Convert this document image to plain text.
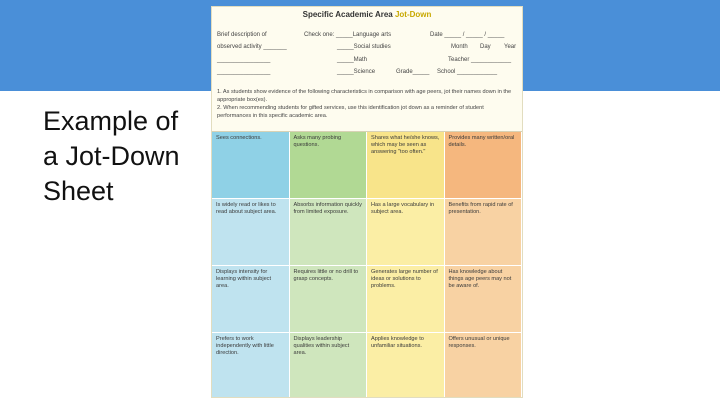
Example of
a Jot-Down
Sheet
Specific Academic Area Jot-Down
Brief description of
observed activity _______
________________
________________
Check one: _____Language arts
_____Social studies
_____Math
_____Science	Grade_____
Date _____ / _____ / _____
Month Day Year
Teacher ____________
School ____________
1. As students show evidence of the following characteristics in comparison with age peers, jot their names down in the appropriate box(es).
2. When recommending students for gifted services, use this identification jot down as a reminder of student performances in this specific academic area.
Sees connections.	Asks many probing questions.
Shares what he/she knows, which may be seen as answering "too often."
Provides many written/oral details.
Is widely read or likes to read about subject area.
Absorbs information quickly from limited exposure.
Has a large vocabulary in subject area.
Benefits from rapid rate of presentation.
Displays intensity for learning within subject area.
Requires little or no drill to grasp concepts.
Generates large number of ideas or solutions to problems.
Has knowledge about things age peers may not be aware of.
Prefers to work independently with little direction.
Displays leadership qualities within subject area.
Applies knowledge to unfamiliar situations.
Offers unusual or unique responses.
